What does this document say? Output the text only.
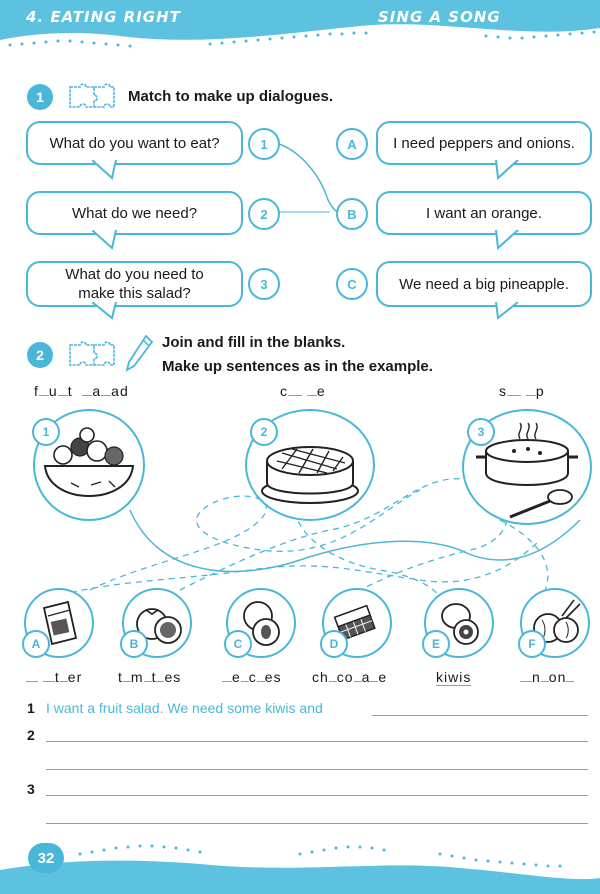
4. EATING RIGHT	SING A SONG
1	Match to make up dialogues.
What do you want to eat?
What do we need?
What do you need to make this salad?
1
2
3
A
B
C
I need peppers and onions.
I want an orange.
We need a big pineapple.
2
Join and fill in the blanks.
Make up sentences as in the example.
f u t  a ad	c e	s p
1	2	3
A	B	C	D	E	F
t er	t m t es	e c es ch co a e	kiwis	n on
1 I want a fruit salad. We need some kiwis and
2
3
32
